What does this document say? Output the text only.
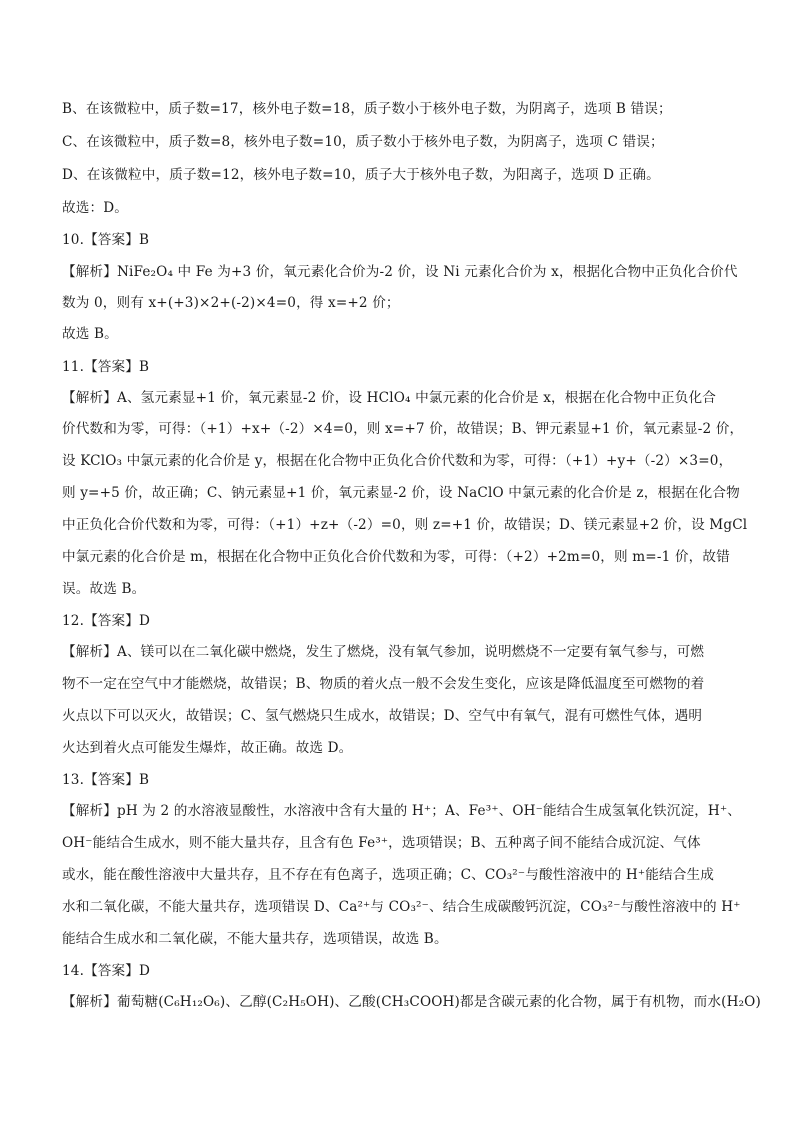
B、在该微粒中，质子数=17，核外电子数=18，质子数小于核外电子数，为阴离子，选项 B 错误；
C、在该微粒中，质子数=8，核外电子数=10，质子数小于核外电子数，为阴离子，选项 C 错误；
D、在该微粒中，质子数=12，核外电子数=10，质子大于核外电子数，为阳离子，选项 D 正确。
故选：D。
10.【答案】B
【解析】NiFe₂O₄ 中 Fe 为+3 价，氧元素化合价为-2 价，设 Ni 元素化合价为 x，根据化合物中正负化合价代
数为 0，则有 x+(+3)×2+(-2)×4=0，得 x=+2 价；
故选 B。
11.【答案】B
【解析】A、氢元素显+1 价，氧元素显-2 价，设 HClO₄ 中氯元素的化合价是 x，根据在化合物中正负化合
价代数和为零，可得：（+1）+x+（-2）×4=0，则 x=+7 价，故错误；B、钾元素显+1 价，氧元素显-2 价，
设 KClO₃ 中氯元素的化合价是 y，根据在化合物中正负化合价代数和为零，可得：（+1）+y+（-2）×3=0，
则 y=+5 价，故正确；C、钠元素显+1 价，氧元素显-2 价，设 NaClO 中氯元素的化合价是 z，根据在化合物
中正负化合价代数和为零，可得：（+1）+z+（-2）=0，则 z=+1 价，故错误；D、镁元素显+2 价，设 MgCl
中氯元素的化合价是 m，根据在化合物中正负化合价代数和为零，可得：（+2）+2m=0，则 m=-1 价，故错
误。故选 B。
12.【答案】D
【解析】A、镁可以在二氧化碳中燃烧，发生了燃烧，没有氧气参加，说明燃烧不一定要有氧气参与，可燃
物不一定在空气中才能燃烧，故错误；B、物质的着火点一般不会发生变化，应该是降低温度至可燃物的着
火点以下可以灭火，故错误；C、氢气燃烧只生成水，故错误；D、空气中有氧气，混有可燃性气体，遇明
火达到着火点可能发生爆炸，故正确。故选 D。
13.【答案】B
【解析】pH 为 2 的水溶液显酸性，水溶液中含有大量的 H⁺；A、Fe³⁺、OH⁻能结合生成氢氧化铁沉淀，H⁺、
OH⁻能结合生成水，则不能大量共存，且含有色 Fe³⁺，选项错误；B、五种离子间不能结合成沉淀、气体
或水，能在酸性溶液中大量共存，且不存在有色离子，选项正确；C、CO₃²⁻与酸性溶液中的 H⁺能结合生成
水和二氧化碳，不能大量共存，选项错误 D、Ca²⁺与 CO₃²⁻、结合生成碳酸钙沉淀，CO₃²⁻与酸性溶液中的 H⁺
能结合生成水和二氧化碳，不能大量共存，选项错误，故选 B。
14.【答案】D
【解析】葡萄糖(C₆H₁₂O₆)、乙醇(C₂H₅OH)、乙酸(CH₃COOH)都是含碳元素的化合物，属于有机物，而水(H₂O)
